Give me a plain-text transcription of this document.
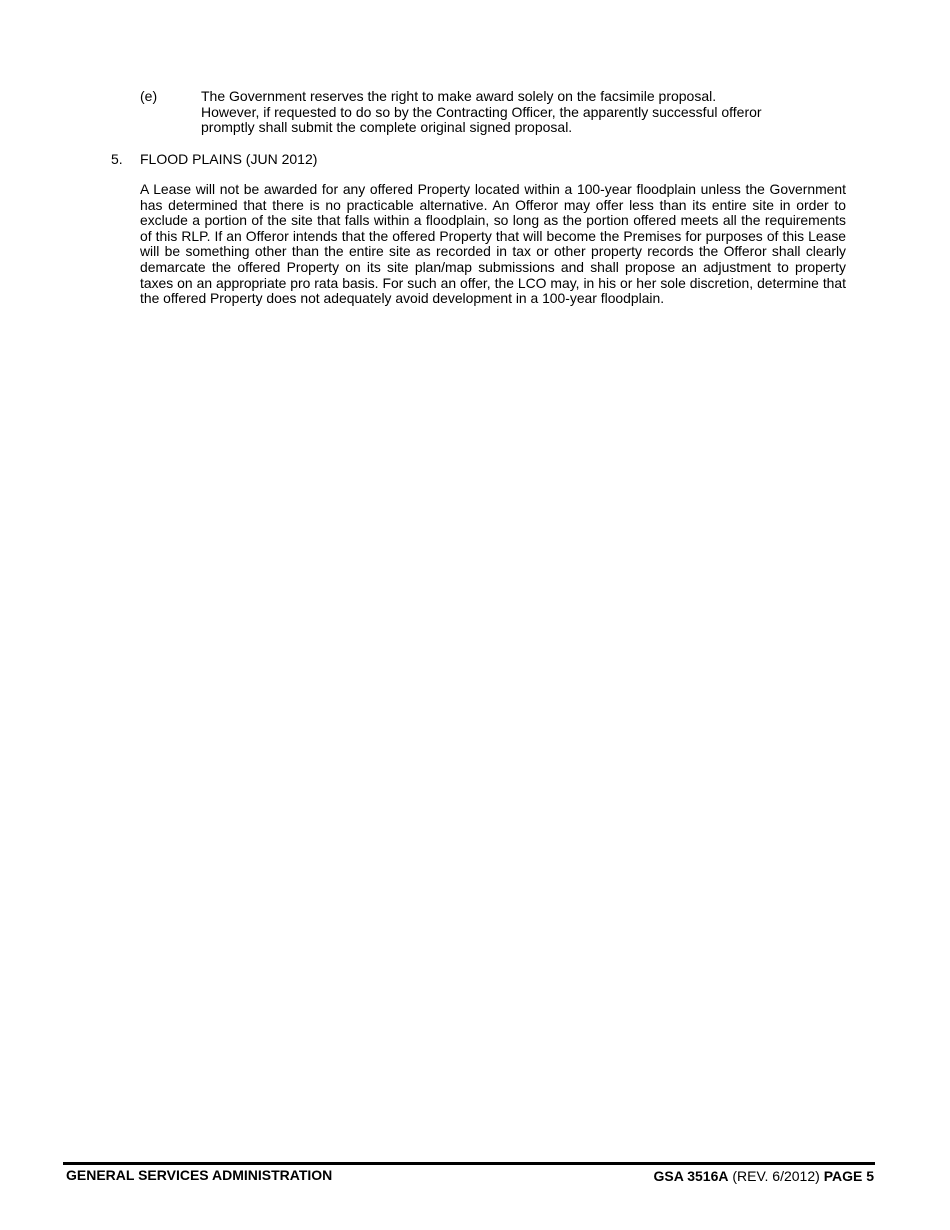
(e)	The Government reserves the right to make award solely on the facsimile proposal.
However, if requested to do so by the Contracting Officer, the apparently successful offeror
promptly shall submit the complete original signed proposal.
5. FLOOD PLAINS (JUN 2012)
A Lease will not be awarded for any offered Property located within a 100-year floodplain unless the Government has determined that there is no practicable alternative. An Offeror may offer less than its entire site in order to exclude a portion of the site that falls within a floodplain, so long as the portion offered meets all the requirements of this RLP. If an Offeror intends that the offered Property that will become the Premises for purposes of this Lease will be something other than the entire site as recorded in tax or other property records the Offeror shall clearly demarcate the offered Property on its site plan/map submissions and shall propose an adjustment to property taxes on an appropriate pro rata basis. For such an offer, the LCO may, in his or her sole discretion, determine that the offered Property does not adequately avoid development in a 100-year floodplain.
GENERAL SERVICES ADMINISTRATION	GSA 3516A (REV. 6/2012) PAGE 5
